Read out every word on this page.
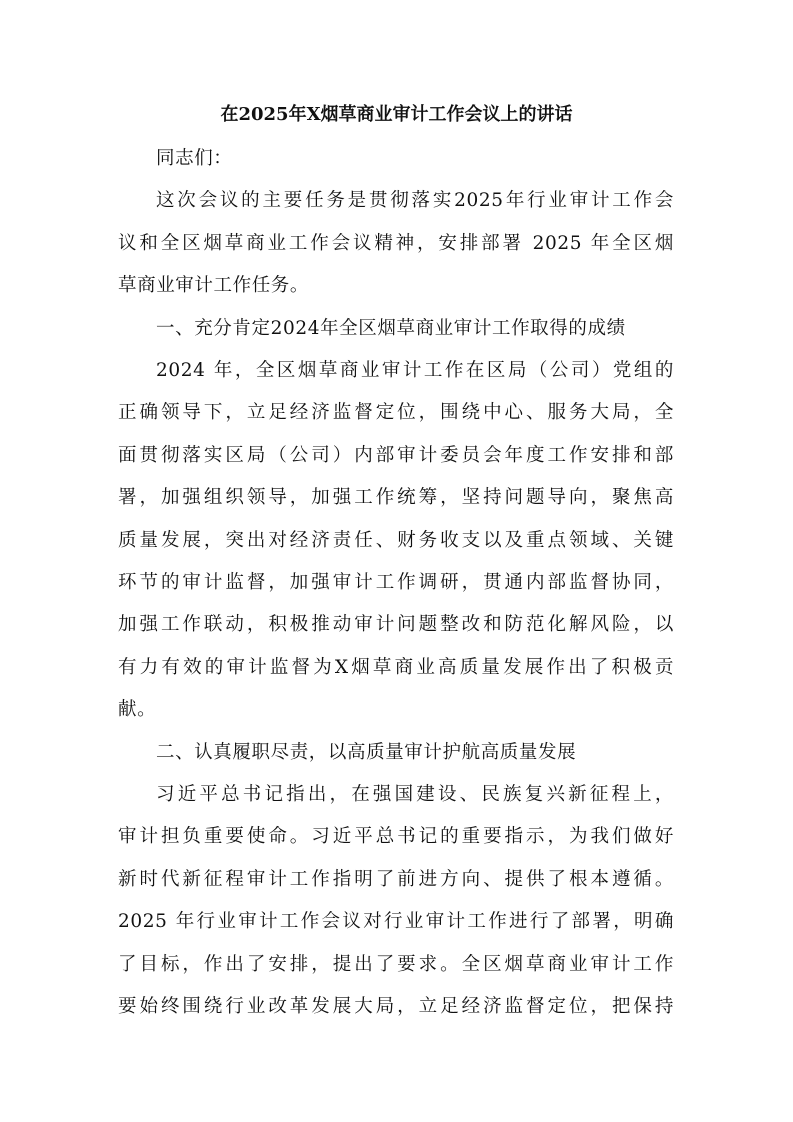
在2025年X烟草商业审计工作会议上的讲话
同志们：
这次会议的主要任务是贯彻落实2025年行业审计工作会
议和全区烟草商业工作会议精神，安排部署 2025 年全区烟
草商业审计工作任务。
一、充分肯定2024年全区烟草商业审计工作取得的成绩
2024 年，全区烟草商业审计工作在区局（公司）党组的
正确领导下，立足经济监督定位，围绕中心、服务大局，全
面贯彻落实区局（公司）内部审计委员会年度工作安排和部
署，加强组织领导，加强工作统筹，坚持问题导向，聚焦高
质量发展，突出对经济责任、财务收支以及重点领域、关键
环节的审计监督，加强审计工作调研，贯通内部监督协同，
加强工作联动，积极推动审计问题整改和防范化解风险，以
有力有效的审计监督为X烟草商业高质量发展作出了积极贡
献。
二、认真履职尽责，以高质量审计护航高质量发展
习近平总书记指出，在强国建设、民族复兴新征程上，
审计担负重要使命。习近平总书记的重要指示，为我们做好
新时代新征程审计工作指明了前进方向、提供了根本遵循。
2025 年行业审计工作会议对行业审计工作进行了部署，明确
了目标，作出了安排，提出了要求。全区烟草商业审计工作
要始终围绕行业改革发展大局，立足经济监督定位，把保持
